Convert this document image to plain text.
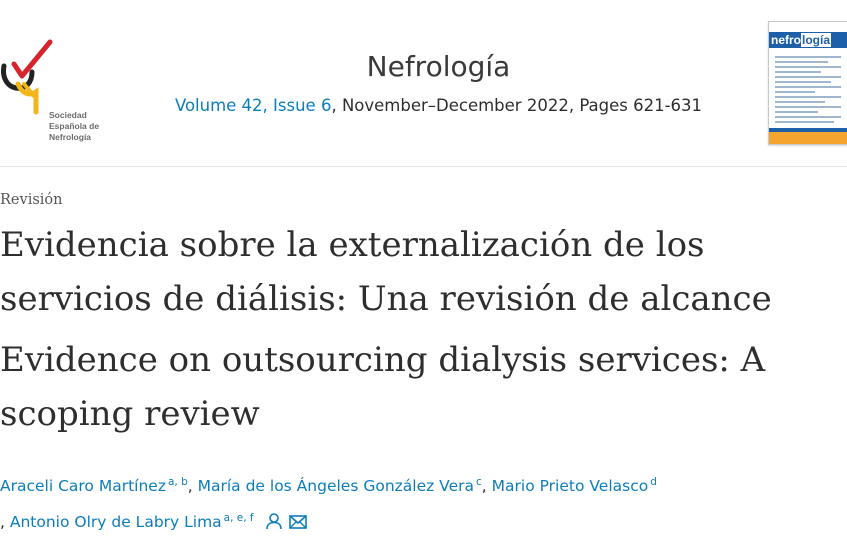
Sociedad
Española de
Nefrología
Nefrología
Volume 42, Issue 6, November–December 2022, Pages 621-631
nefrología
Revisión
Evidencia sobre la externalización de los servicios de diálisis: Una revisión de alcance
Evidence on outsourcing dialysis services: A scoping review
Araceli Caro Martínez $^{a, b}$, María de los Ángeles González Vera $^c$, Mario Prieto Velasco $^d$
, Antonio Olry de Labry Lima $^{a, e, f}$
